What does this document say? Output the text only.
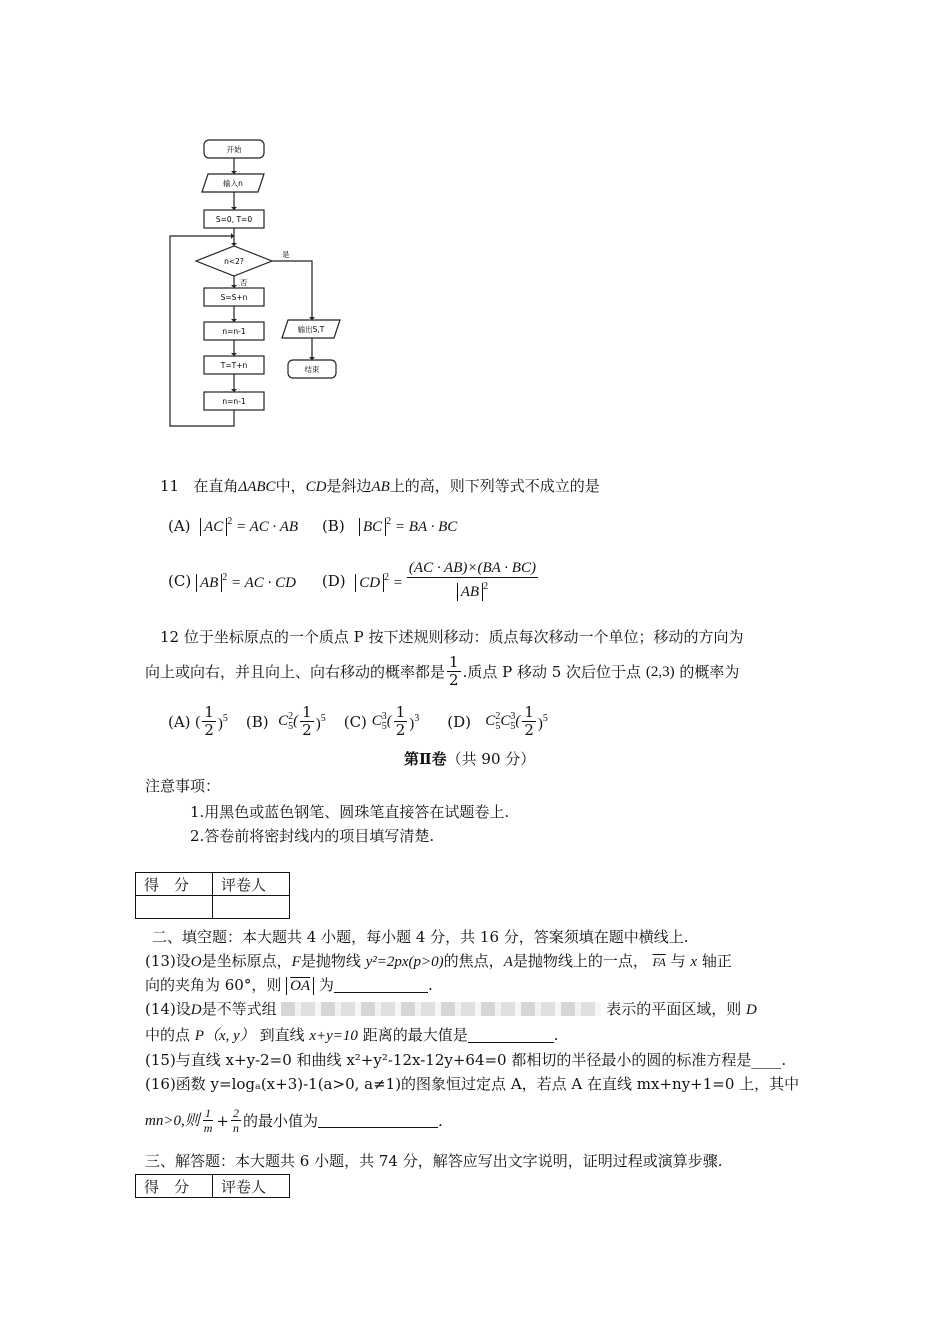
开始
输入n
S=0, T=0
n<2?
是
否
S=S+n
n=n-1
T=T+n
n=n-1
输出S,T
结束
11 在直角ΔABC中，CD是斜边AB上的高，则下列等式不成立的是
(A) AC $^2$ = AC · AB (B) BC $^2$ = BA · BC
(C)
AB $^2$ = AC · CD (D)
CD $^2 = \frac{(AC \cdot AB)\times(BA \cdot BC)}{AB ^2}$
12 位于坐标原点的一个质点 P 按下述规则移动：质点每次移动一个单位；移动的方向为
向上或向右，并且向上、向右移动的概率都是 $\frac{1}{2}$ .质点 P 移动 5 次后位于点
(2,3)
的概率为
(A)
( $\frac{1}{2} )^5$ (B)
C 2
5 ( $\frac{1}{2} )^5$ (C)
C 3
5 ( $\frac{1}{2} )^3$ (D)
C 2
5 C 3
5 ( $\frac{1}{2} )^5$
第Ⅱ卷（共 90 分）
注意事项：
1.用黑色或蓝色钢笔、圆珠笔直接答在试题卷上.
2.答卷前将密封线内的项目填写清楚.
得　分	评卷人

二、填空题：本大题共 4 小题，每小题 4 分，共 16 分，答案须填在题中横线上.
(13)设O是坐标原点，F是抛物线 y²=2px(p>0)的焦点，A是抛物线上的一点， $\overline{FA}$ 与 x 轴正
向的夹角为 60°，则 $\overline{OA}$ 为	.
(14)设D是不等式组	表示的平面区域，则 D
中的点 P（x, y） 到直线 x+y=10 距离的最大值是	.
(15)与直线 x+y-2=0 和曲线 x²+y²-12x-12y+64=0 都相切的半径最小的圆的标准方程是____.
(16)函数 y=logₐ(x+3)-1(a>0, a≠1)的图象恒过定点 A，若点 A 在直线 mx+ny+1=0 上，其中
mn>0,则 $\frac{1}{m} + \frac{2}{n}$ 的最小值为	.
三、解答题：本大题共 6 小题，共 74 分，解答应写出文字说明，证明过程或演算步骤.
得　分	评卷人
